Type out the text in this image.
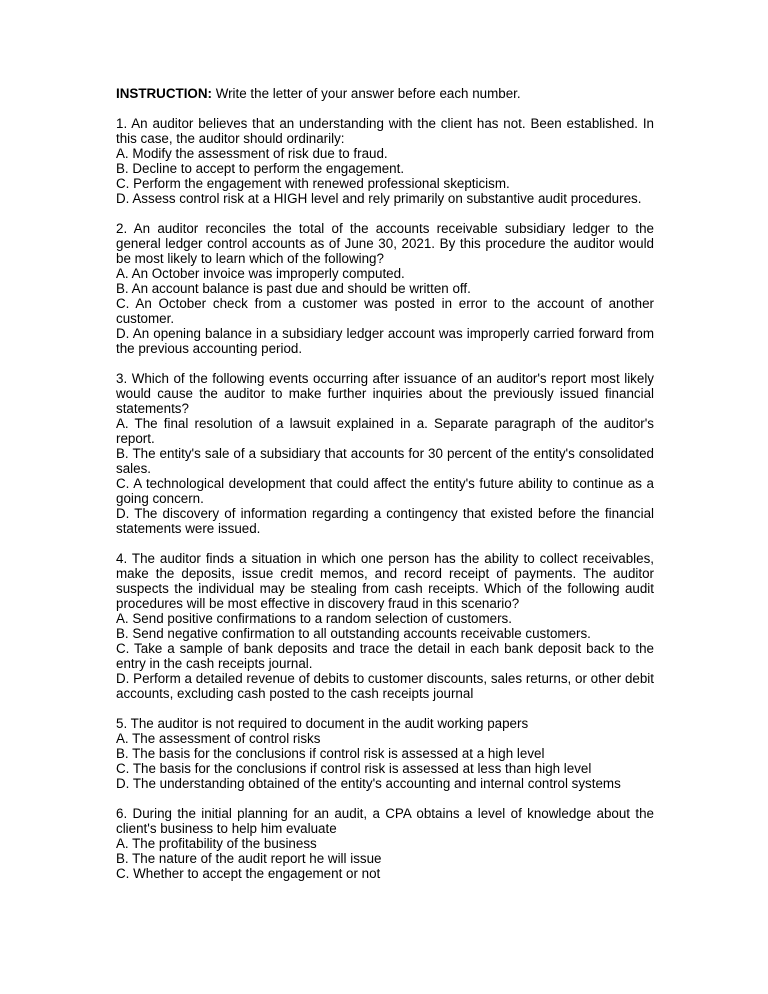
INSTRUCTION: Write the letter of your answer before each number.

1. An auditor believes that an understanding with the client has not. Been established. In this case, the auditor should ordinarily:

A. Modify the assessment of risk due to fraud.

B. Decline to accept to perform the engagement.

C. Perform the engagement with renewed professional skepticism.

D. Assess control risk at a HIGH level and rely primarily on substantive audit procedures.

2. An auditor reconciles the total of the accounts receivable subsidiary ledger to the general ledger control accounts as of June 30, 2021. By this procedure the auditor would be most likely to learn which of the following?

A. An October invoice was improperly computed.

B. An account balance is past due and should be written off.

C. An October check from a customer was posted in error to the account of another customer.

D. An opening balance in a subsidiary ledger account was improperly carried forward from the previous accounting period.

3. Which of the following events occurring after issuance of an auditor's report most likely would cause the auditor to make further inquiries about the previously issued financial statements?

A. The final resolution of a lawsuit explained in a. Separate paragraph of the auditor's report.

B. The entity's sale of a subsidiary that accounts for 30 percent of the entity's consolidated sales.

C. A technological development that could affect the entity's future ability to continue as a going concern.

D. The discovery of information regarding a contingency that existed before the financial statements were issued.

4. The auditor finds a situation in which one person has the ability to collect receivables, make the deposits, issue credit memos, and record receipt of payments. The auditor suspects the individual may be stealing from cash receipts. Which of the following audit procedures will be most effective in discovery fraud in this scenario?

A. Send positive confirmations to a random selection of customers.

B. Send negative confirmation to all outstanding accounts receivable customers.

C. Take a sample of bank deposits and trace the detail in each bank deposit back to the entry in the cash receipts journal.

D. Perform a detailed revenue of debits to customer discounts, sales returns, or other debit accounts, excluding cash posted to the cash receipts journal

5. The auditor is not required to document in the audit working papers

A. The assessment of control risks

B. The basis for the conclusions if control risk is assessed at a high level

C. The basis for the conclusions if control risk is assessed at less than high level

D. The understanding obtained of the entity's accounting and internal control systems

6. During the initial planning for an audit, a CPA obtains a level of knowledge about the client's business to help him evaluate

A. The profitability of the business

B. The nature of the audit report he will issue

C. Whether to accept the engagement or not
